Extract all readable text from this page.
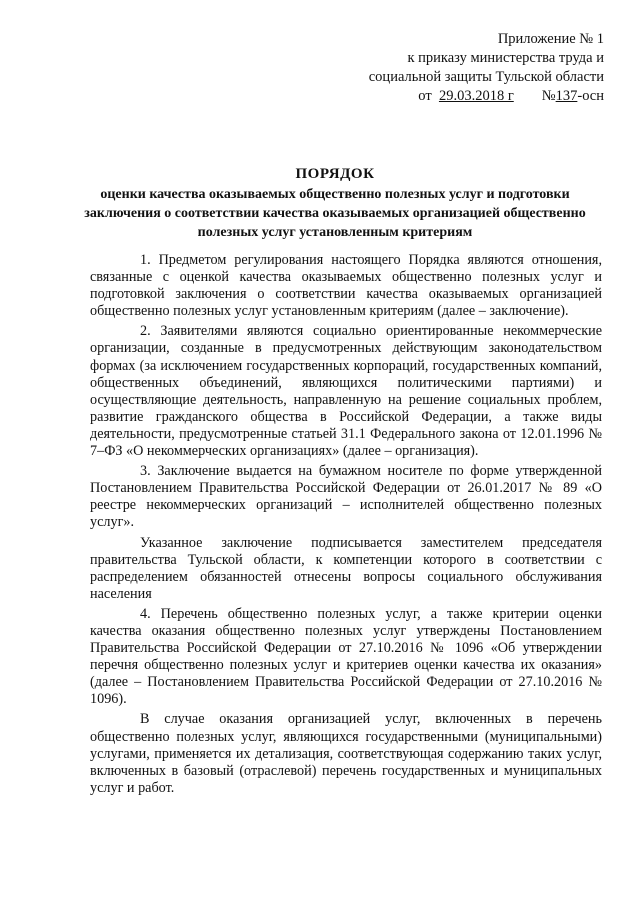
Приложение № 1
к приказу министерства труда и
социальной защиты Тульской области
от 29.03.2018 г №137-осн
ПОРЯДОК
оценки качества оказываемых общественно полезных услуг и подготовки заключения о соответствии качества оказываемых организацией общественно полезных услуг установленным критериям

1. Предметом регулирования настоящего Порядка являются отношения, связанные с оценкой качества оказываемых общественно полезных услуг и подготовкой заключения о соответствии качества оказываемых организацией общественно полезных услуг установленным критериям (далее – заключение).

2. Заявителями являются социально ориентированные некоммерческие организации, созданные в предусмотренных действующим законодательством формах (за исключением государственных корпораций, государственных компаний, общественных объединений, являющихся политическими партиями) и осуществляющие деятельность, направленную на решение социальных проблем, развитие гражданского общества в Российской Федерации, а также виды деятельности, предусмотренные статьей 31.1 Федерального закона от 12.01.1996 № 7–ФЗ «О некоммерческих организациях» (далее – организация).

3. Заключение выдается на бумажном носителе по форме утвержденной Постановлением Правительства Российской Федерации от 26.01.2017 № 89 «О реестре некоммерческих организаций – исполнителей общественно полезных услуг».

Указанное заключение подписывается заместителем председателя правительства Тульской области, к компетенции которого в соответствии с распределением обязанностей отнесены вопросы социального обслуживания населения

4. Перечень общественно полезных услуг, а также критерии оценки качества оказания общественно полезных услуг утверждены Постановлением Правительства Российской Федерации от 27.10.2016 № 1096 «Об утверждении перечня общественно полезных услуг и критериев оценки качества их оказания» (далее – Постановлением Правительства Российской Федерации от 27.10.2016 № 1096).

В случае оказания организацией услуг, включенных в перечень общественно полезных услуг, являющихся государственными (муниципальными) услугами, применяется их детализация, соответствующая содержанию таких услуг, включенных в базовый (отраслевой) перечень государственных и муниципальных услуг и работ.
